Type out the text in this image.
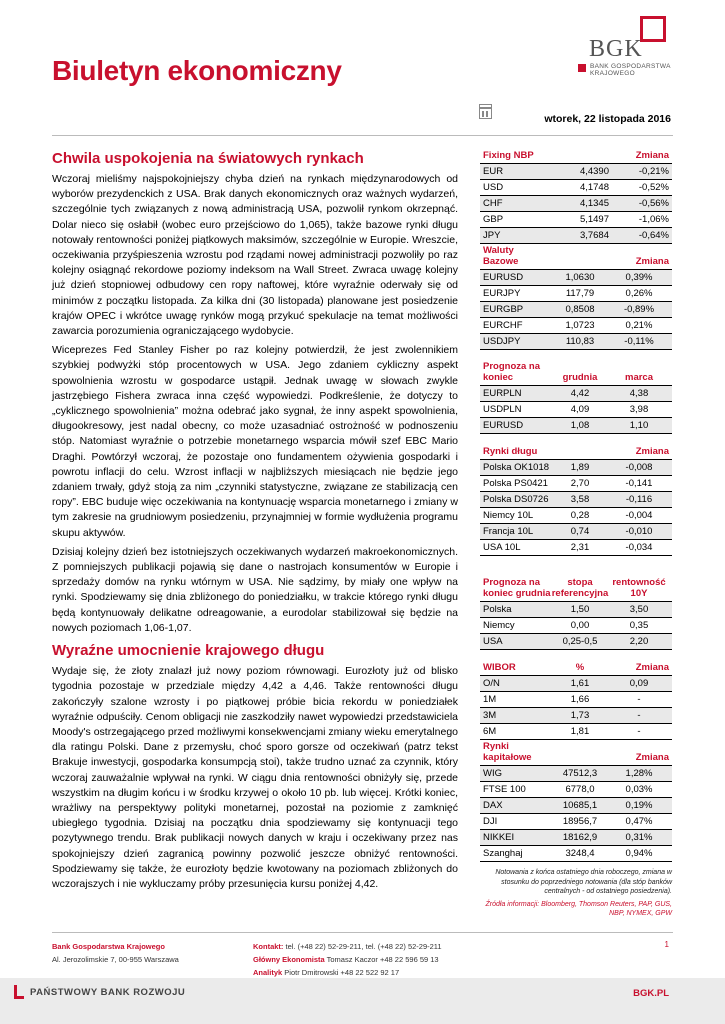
Biuletyn ekonomiczny
BGK
BANK GOSPODARSTWA
KRAJOWEGO
wtorek, 22 listopada 2016
Chwila uspokojenia na światowych rynkach

Wczoraj mieliśmy najspokojniejszy chyba dzień na rynkach międzynarodowych od wyborów prezydenckich z USA. Brak danych ekonomicznych oraz ważnych wydarzeń, szczególnie tych związanych z nową administracją USA, pozwolił rynkom okrzepnąć. Dolar nieco się osłabił (wobec euro przejściowo do 1,065), także bazowe rynki długu notowały rentowności poniżej piątkowych maksimów, szczególnie w Europie. Wreszcie, oczekiwania przyśpieszenia wzrostu pod rządami nowej administracji pozwoliły po raz kolejny osiągnąć rekordowe poziomy indeksom na Wall Street. Zwraca uwagę kolejny już dzień stopniowej odbudowy cen ropy naftowej, które wyraźnie oderwały się od minimów z początku listopada. Za kilka dni (30 listopada) planowane jest posiedzenie krajów OPEC i wkrótce uwagę rynków mogą przykuć spekulacje na temat możliwości zawarcia porozumienia ograniczającego wydobycie.

Wiceprezes Fed Stanley Fisher po raz kolejny potwierdził, że jest zwolennikiem szybkiej podwyżki stóp procentowych w USA. Jego zdaniem cykliczny aspekt spowolnienia wzrostu w gospodarce ustąpił. Jednak uwagę w słowach zwykle jastrzębiego Fishera zwraca inna część wypowiedzi. Podkreślenie, że dotyczy to „cyklicznego spowolnienia” można odebrać jako sygnał, że inny aspekt spowolnienia, długookresowy, jest nadal obecny, co może uzasadniać ostrożność w podnoszeniu stóp. Natomiast wyraźnie o potrzebie monetarnego wsparcia mówił szef EBC Mario Draghi. Powtórzył wczoraj, że pozostaje ono fundamentem ożywienia gospodarki i powrotu inflacji do celu. Wzrost inflacji w najbliższych miesiącach nie będzie jego zdaniem trwały, gdyż stoją za nim „czynniki statystyczne, związane ze stabilizacją cen ropy”. EBC buduje więc oczekiwania na kontynuację wsparcia monetarnego i zmiany w tym zakresie na grudniowym posiedzeniu, przynajmniej w formie wydłużenia programu skupu aktywów.

Dzisiaj kolejny dzień bez istotniejszych oczekiwanych wydarzeń makroekonomicznych. Z pomniejszych publikacji pojawią się dane o nastrojach konsumentów w Europie i sprzedaży domów na rynku wtórnym w USA. Nie sądzimy, by miały one wpływ na rynki. Spodziewamy się dnia zbliżonego do poniedziałku, w trakcie którego rynki długu będą kontynuowały delikatne odreagowanie, a eurodolar stabilizował się będzie na nowych poziomach 1,06-1,07.

Wyraźne umocnienie krajowego długu

Wydaje się, że złoty znalazł już nowy poziom równowagi. Eurozłoty już od blisko tygodnia pozostaje w przedziale między 4,42 a 4,46. Także rentowności długu zakończyły szalone wzrosty i po piątkowej próbie bicia rekordu w poniedziałek wyraźnie odpuściły. Cenom obligacji nie zaszkodziły nawet wypowiedzi przedstawiciela Moody's ostrzegającego przed możliwymi konsekwencjami zmiany wieku emerytalnego dla ratingu Polski. Dane z przemysłu, choć sporo gorsze od oczekiwań (patrz tekst Brakuje inwestycji, gospodarka konsumpcją stoi), także trudno uznać za czynnik, który wczoraj zauważalnie wpływał na rynki. W ciągu dnia rentowności obniżyły się, przede wszystkim na długim końcu i w środku krzywej o około 10 pb. lub więcej. Krótki koniec, wrażliwy na perspektywy polityki monetarnej, pozostał na poziomie z zamknięć ubiegłego tygodnia. Dzisiaj na początku dnia spodziewamy się kontynuacji tego pozytywnego trendu. Brak publikacji nowych danych w kraju i oczekiwany przez nas spokojniejszy dzień zagranicą powinny pozwolić jeszcze obniżyć rentowności. Spodziewamy się także, że eurozłoty będzie kwotowany na poziomach zbliżonych do wczorajszych i nie wykluczamy próby przesunięcia kursu poniżej 4,42.

Fixing NBP	Zmiana
EUR	4,4390	-0,21%
USD	4,1748	-0,52%
CHF	4,1345	-0,56%
GBP	5,1497	-1,06%
JPY	3,7684	-0,64%
Waluty Bazowe	Zmiana
EURUSD	1,0630	0,39%
EURJPY	117,79	0,26%
EURGBP	0,8508	-0,89%
EURCHF	1,0723	0,21%
USDJPY	110,83	-0,11%
Prognoza na koniec	grudnia	marca
EURPLN	4,42	4,38
USDPLN	4,09	3,98
EURUSD	1,08	1,10
Rynki długu	Zmiana
Polska OK1018	1,89	-0,008
Polska PS0421	2,70	-0,141
Polska DS0726	3,58	-0,116
Niemcy 10L	0,28	-0,004
Francja 10L	0,74	-0,010
USA 10L	2,31	-0,034
Prognoza na koniec grudnia
stopa referencyjna
rentowność 10Y
Polska	1,50	3,50
Niemcy	0,00	0,35
USA	0,25-0,5	2,20
WIBOR	%	Zmiana
O/N	1,61	0,09
1M	1,66	-
3M	1,73	-
6M	1,81	-
Rynki kapitałowe	Zmiana
WIG	47512,3	1,28%
FTSE 100	6778,0	0,03%
DAX	10685,1	0,19%
DJI	18956,7	0,47%
NIKKEI	18162,9	0,31%
Szanghaj	3248,4	0,94%
Notowania z końca ostatniego dnia roboczego, zmiana w stosunku do poprzedniego notowania (dla stóp banków centralnych - od ostatniego posiedzenia).
Źródła informacji: Bloomberg, Thomson Reuters, PAP, GUS, NBP, NYMEX, GPW
Bank Gospodarstwa Krajowego
Al. Jerozolimskie 7, 00-955 Warszawa
Kontakt: tel. (+48 22) 52-29-211, tel. (+48 22) 52-29-211
Główny Ekonomista Tomasz Kaczor +48 22 596 59 13
Analityk Piotr Dmitrowski +48 22 522 92 17
1
PAŃSTWOWY BANK ROZWOJU	BGK.PL
